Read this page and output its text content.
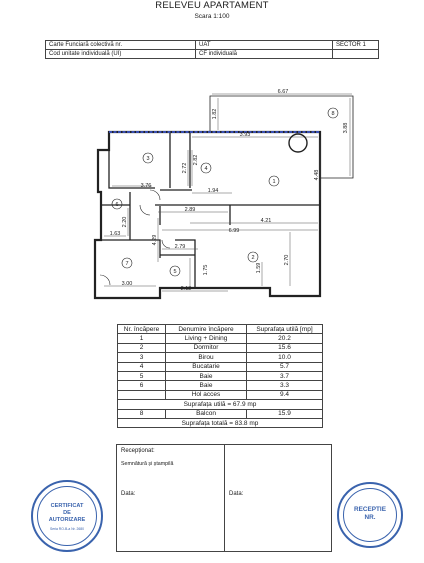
RELEVEU APARTAMENT
Scara 1:100
Carte Funciară colectivă nr.	UAT	SECTOR 1
Cod unitate individuală (UI)	CF individuală	
3
4
1
6
2
7
5
8
6.67
1.82
3.88
3.93
2.72
2.82
4.48
3.76
1.94
2.89
2.20	4.21
6.99
1.63
4.29
2.79
2.70
1.59
1.75
3.00
2.12
Nr. încăpere	Denumire încăpere	Suprafața utilă [mp]
1	Living + Dining	20.2
2	Dormitor	15.6
3	Birou	10.0
4	Bucatarie	5.7
5	Baie	3.7
6	Baie	3.3
	Hol acces	9.4
Suprafața utilă = 67.9 mp		
8	Balcon	15.9
Suprafața totală = 83.8 mp		
Recepționat:
Semnătură și ștampilă
Data:	Data:
CERTIFICAT
DE
AUTORIZARE
Seria RO-B-a Nr. 2680
RECEPTIE
NR.
